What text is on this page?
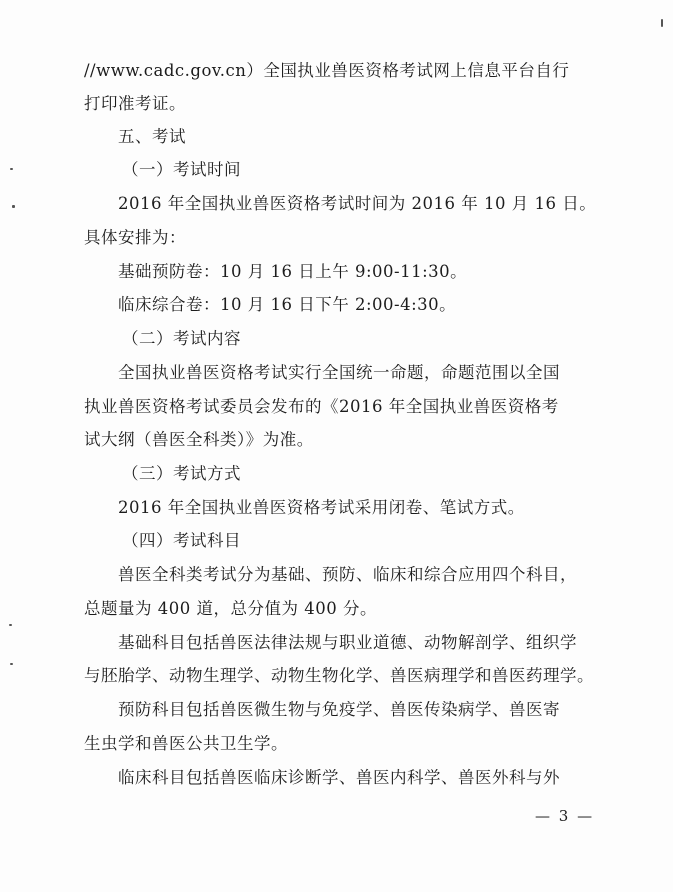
//www.cadc.gov.cn）全国执业兽医资格考试网上信息平台自行
打印准考证。
五、考试
（一）考试时间
2016 年全国执业兽医资格考试时间为 2016 年 10 月 16 日。
具体安排为：
基础预防卷：10 月 16 日上午 9:00-11:30。
临床综合卷：10 月 16 日下午 2:00-4:30。
（二）考试内容
全国执业兽医资格考试实行全国统一命题，命题范围以全国
执业兽医资格考试委员会发布的《2016 年全国执业兽医资格考
试大纲（兽医全科类）》为准。
（三）考试方式
2016 年全国执业兽医资格考试采用闭卷、笔试方式。
（四）考试科目
兽医全科类考试分为基础、预防、临床和综合应用四个科目，
总题量为 400 道，总分值为 400 分。
基础科目包括兽医法律法规与职业道德、动物解剖学、组织学
与胚胎学、动物生理学、动物生物化学、兽医病理学和兽医药理学。
预防科目包括兽医微生物与免疫学、兽医传染病学、兽医寄
生虫学和兽医公共卫生学。
临床科目包括兽医临床诊断学、兽医内科学、兽医外科与外
— 3 —
